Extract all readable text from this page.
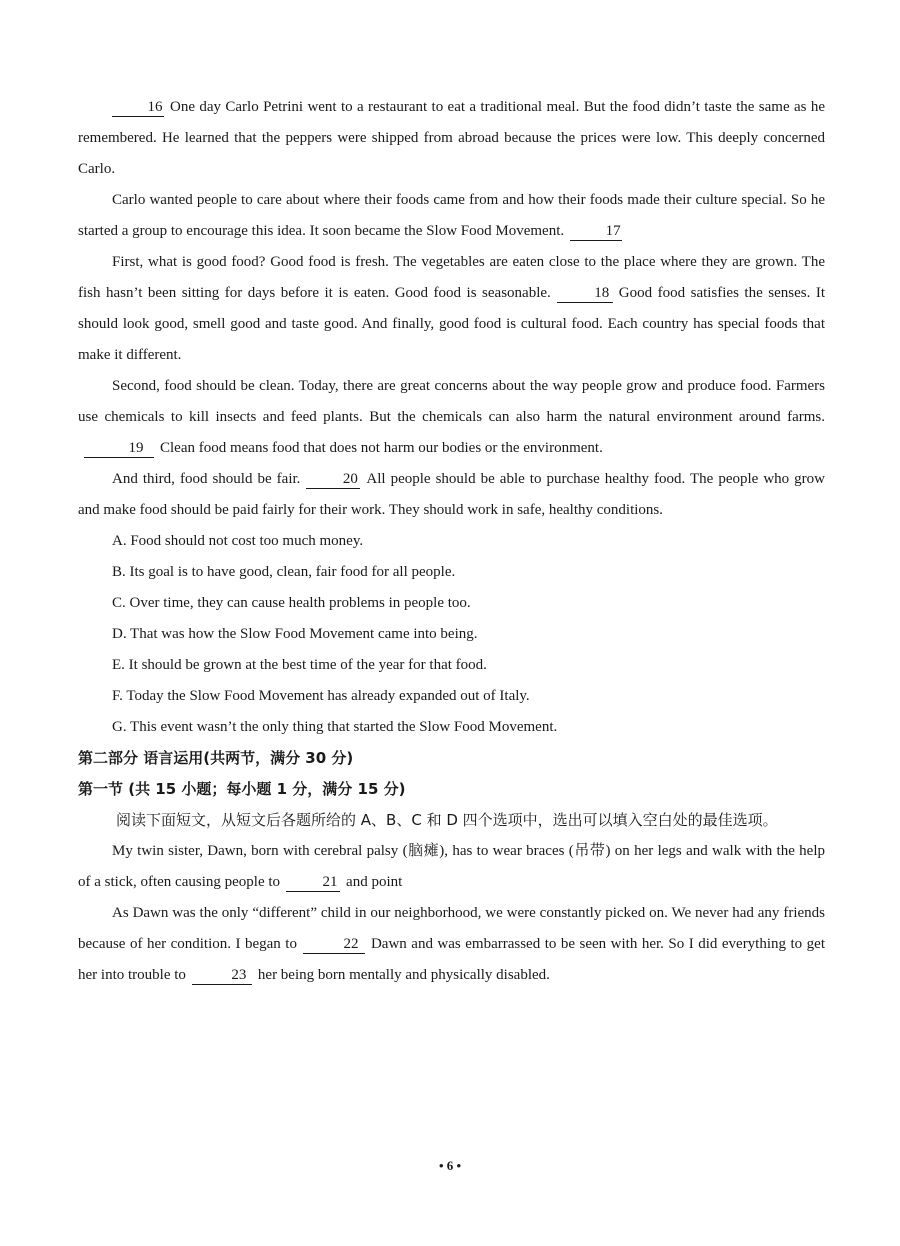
16 One day Carlo Petrini went to a restaurant to eat a traditional meal. But the food didn’t taste the same as he remembered. He learned that the peppers were shipped from abroad because the prices were low. This deeply concerned Carlo.

Carlo wanted people to care about where their foods came from and how their foods made their culture special. So he started a group to encourage this idea. It soon became the Slow Food Movement.	17

First, what is good food? Good food is fresh. The vegetables are eaten close to the place where they are grown. The fish hasn’t been sitting for days before it is eaten. Good food is seasonable.	18 Good food satisfies the senses. It should look good, smell good and taste good. And finally, good food is cultural food. Each country has special foods that make it different.

Second, food should be clean. Today, there are great concerns about the way people grow and produce food. Farmers use chemicals to kill insects and feed plants. But the chemicals can also harm the natural environment around farms.19 Clean food means food that does not harm our bodies or the environment.

And third, food should be fair.	20 All people should be able to purchase healthy food. The people who grow and make food should be paid fairly for their work. They should work in safe, healthy conditions.

A. Food should not cost too much money.

B. Its goal is to have good, clean, fair food for all people.

C. Over time, they can cause health problems in people too.

D. That was how the Slow Food Movement came into being.

E. It should be grown at the best time of the year for that food.

F. Today the Slow Food Movement has already expanded out of Italy.

G. This event wasn’t the only thing that started the Slow Food Movement.

第二部分 语言运用(共两节，满分 30 分)

第一节 (共 15 小题；每小题 1 分，满分 15 分)

阅读下面短文，从短文后各题所给的 A、B、C 和 D 四个选项中，选出可以填入空白处的最佳选项。

My twin sister, Dawn, born with cerebral palsy (脑瘫), has to wear braces (吊带) on her legs and walk with the help of a stick, often causing people to	21 and point

As Dawn was the only “different” child in our neighborhood, we were constantly picked on. We never had any friends because of her condition. I began to	22 Dawn and was embarrassed to be seen with her. So I did everything to get her into trouble to	23 her being born mentally and physically disabled.

• 6 •
